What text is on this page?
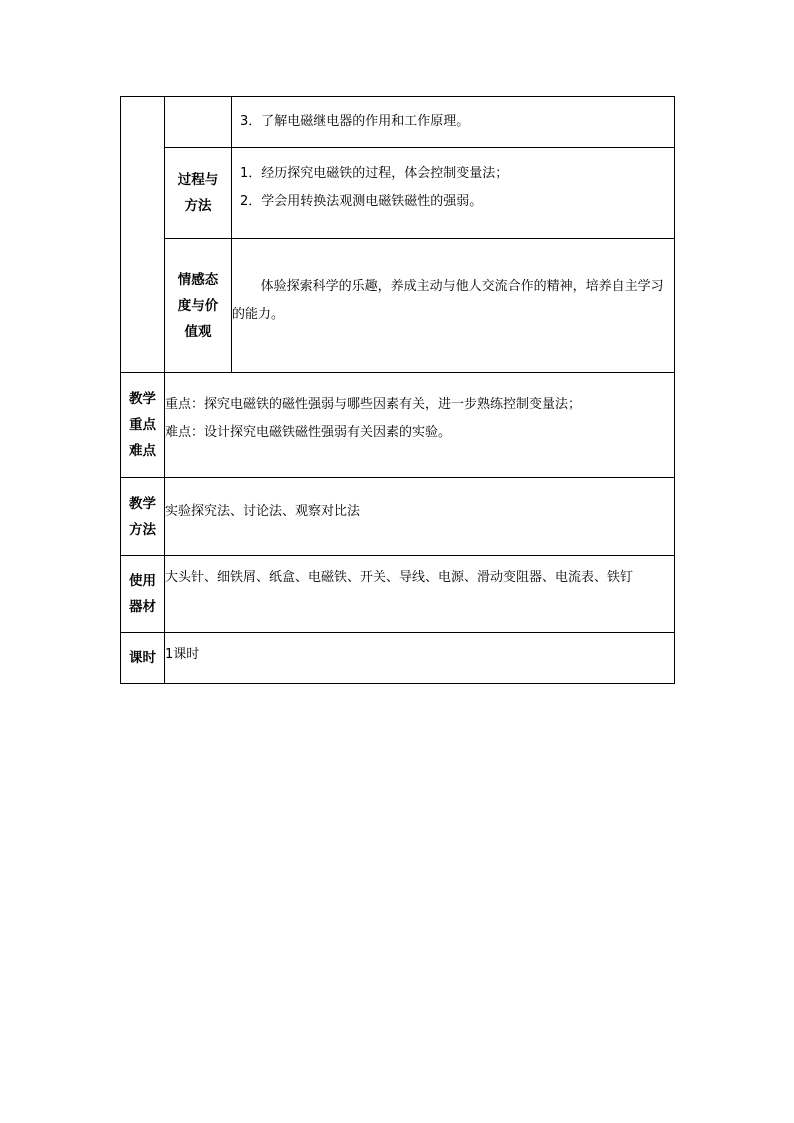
		3．了解电磁继电器的作用和工作原理。

	过程与
方法	1．经历探究电磁铁的过程，体会控制变量法；
2．学会用转换法观测电磁铁磁性的强弱。

	情感态
度与价
值观	体验探索科学的乐趣，养成主动与他人交流合作的精神，培养自主学习的能力。

教学
重点
难点	重点：探究电磁铁的磁性强弱与哪些因素有关，进一步熟练控制变量法；
难点：设计探究电磁铁磁性强弱有关因素的实验。	

教学
方法	实验探究法、讨论法、观察对比法	

使用
器材	大头针、细铁屑、纸盒、电磁铁、开关、导线、电源、滑动变阻器、电流表、铁钉	

课时	1课时	
